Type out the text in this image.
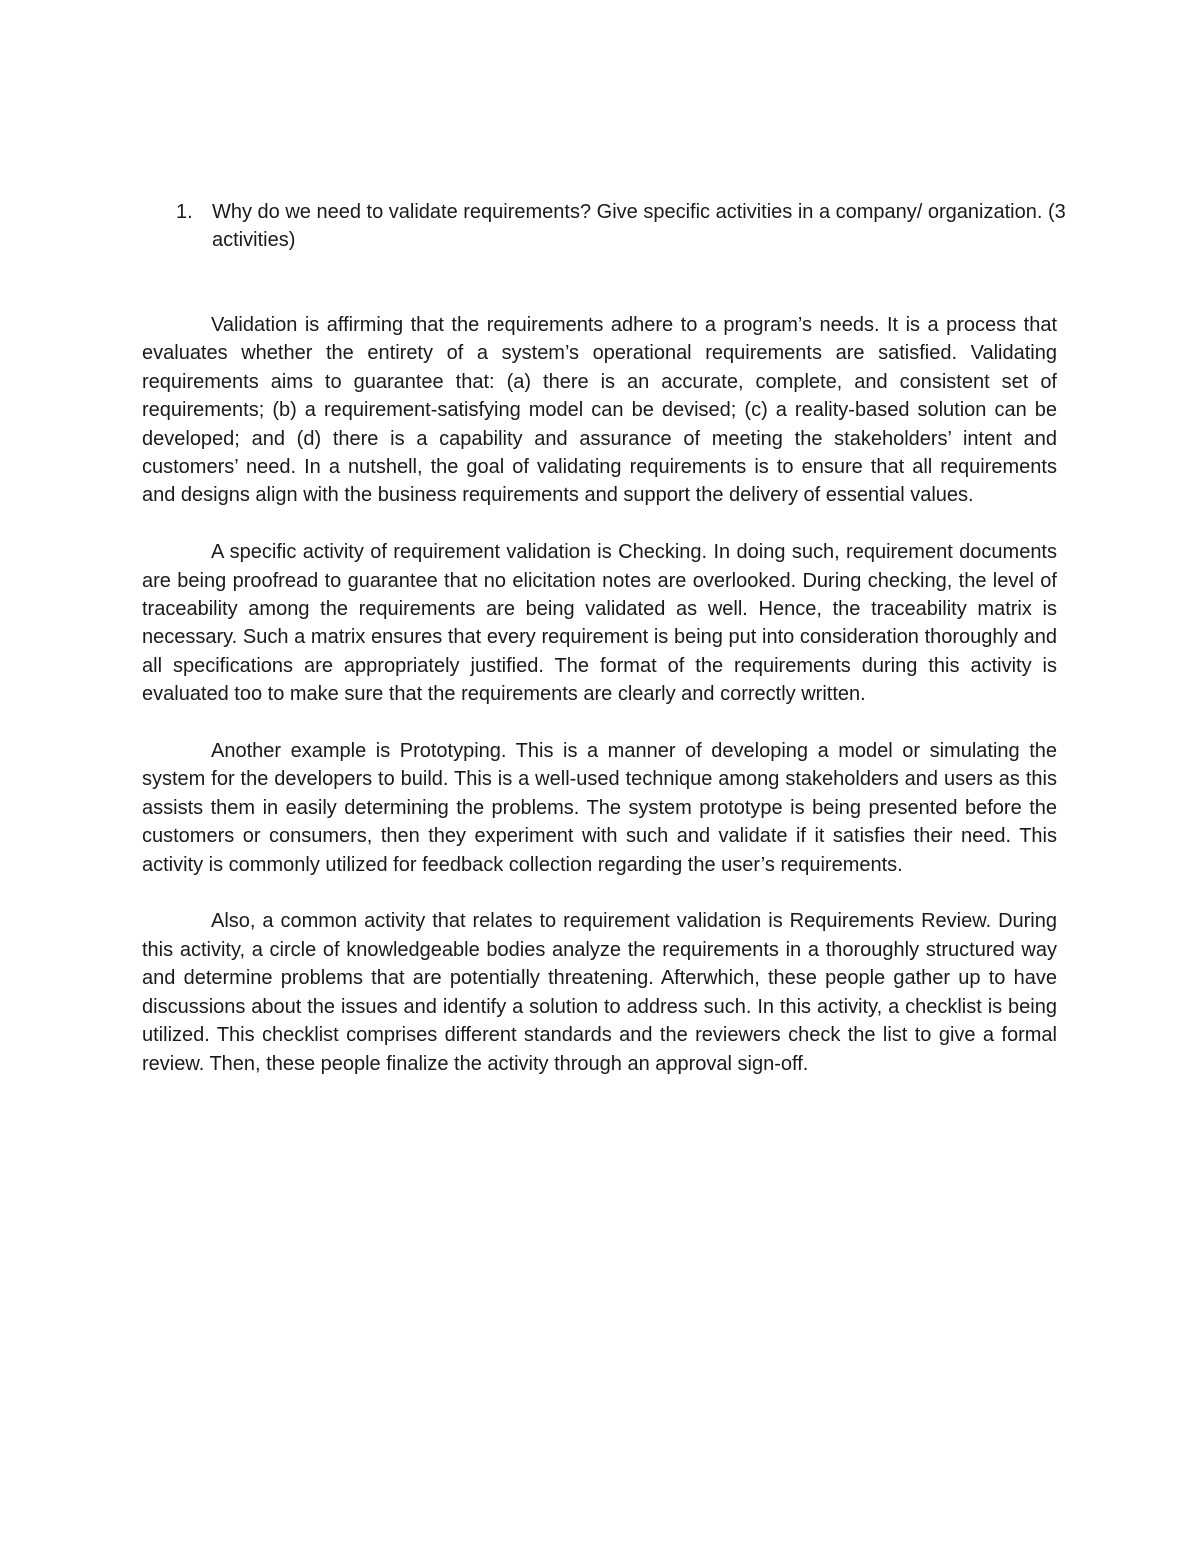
1. Why do we need to validate requirements? Give specific activities in a company/ organization. (3 activities)

Validation is affirming that the requirements adhere to a program’s needs. It is a process that evaluates whether the entirety of a system’s operational requirements are satisfied. Validating requirements aims to guarantee that: (a) there is an accurate, complete, and consistent set of requirements; (b) a requirement-satisfying model can be devised; (c) a reality-based solution can be developed; and (d) there is a capability and assurance of meeting the stakeholders’ intent and customers’ need. In a nutshell, the goal of validating requirements is to ensure that all requirements and designs align with the business requirements and support the delivery of essential values.

A specific activity of requirement validation is Checking. In doing such, requirement documents are being proofread to guarantee that no elicitation notes are overlooked. During checking, the level of traceability among the requirements are being validated as well. Hence, the traceability matrix is necessary. Such a matrix ensures that every requirement is being put into consideration thoroughly and all specifications are appropriately justified. The format of the requirements during this activity is evaluated too to make sure that the requirements are clearly and correctly written.

Another example is Prototyping. This is a manner of developing a model or simulating the system for the developers to build. This is a well-used technique among stakeholders and users as this assists them in easily determining the problems. The system prototype is being presented before the customers or consumers, then they experiment with such and validate if it satisfies their need. This activity is commonly utilized for feedback collection regarding the user’s requirements.

Also, a common activity that relates to requirement validation is Requirements Review. During this activity, a circle of knowledgeable bodies analyze the requirements in a thoroughly structured way and determine problems that are potentially threatening. Afterwhich, these people gather up to have discussions about the issues and identify a solution to address such. In this activity, a checklist is being utilized. This checklist comprises different standards and the reviewers check the list to give a formal review. Then, these people finalize the activity through an approval sign-off.
